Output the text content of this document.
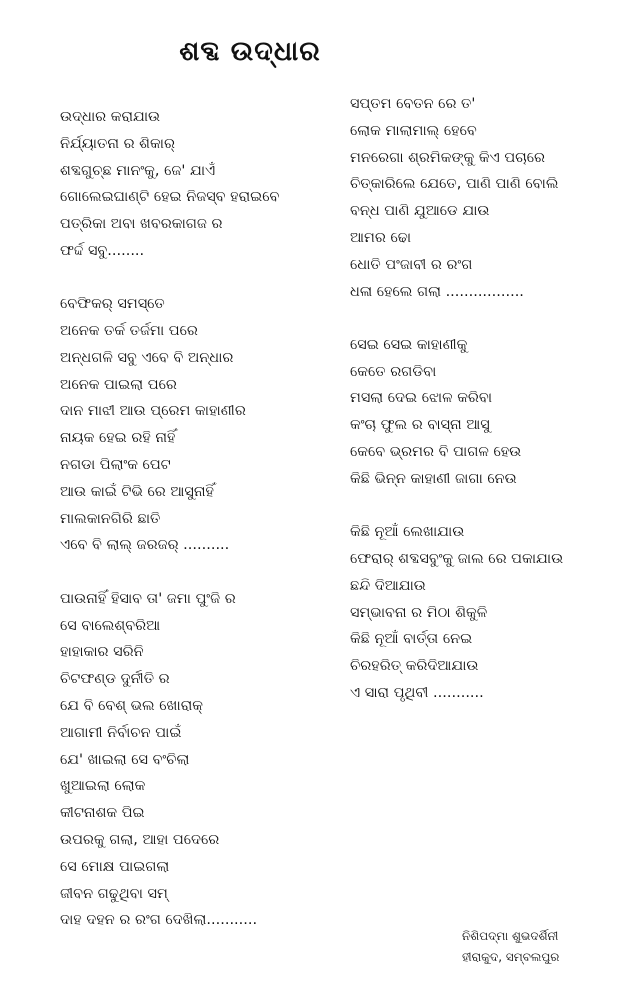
ଶବ୍ଦ ଉଦ୍ଧାର
ଉଦ୍ଧାର କରାଯାଉ
ନିର୍ଯ୍ୟାତନା ର ଶିକାର୍
ଶବ୍ଦଗୁଚ୍ଛ ମାନଂକୁ, ଜେ' ଯାଏଁ
ଗୋଲେଇଘାଣ୍ଟି ହେଇ ନିଜସ୍ବ ହରାଇବେ
ପତ୍ରିକା ଅବା ଖବରକାଗଜ ର
ଫର୍ଦ୍ଦ ସବୁ........
ବେଫିକର୍ ସମସ୍ତେ
ଅନେକ ତର୍କ ତର୍ଜମା ପରେ
ଅନ୍ଧଗଳି ସବୁ ଏବେ ବି ଅନ୍ଧାର
ଅନେକ ପାଇଲା ପରେ
ଦାନ ମାଝୀ ଆଉ ପ୍ରେମ କାହାଣୀର
ନାୟକ ହେଇ ରହି ନାହିଁ
ନଗଡା ପିଲାଂକ ପେଟ
ଆଉ କାଇଁ ଟିଭି ରେ ଆସୁନାହିଁ
ମାଲକାନଗିରି ଛାତି
ଏବେ ବି ଲାଲ୍ ଜରଜର୍ ..........
ପାଉନାହିଁ ହିସାବ ତା' ଜମା ପୁଂଜି ର
ସେ ବାଲେଶ୍ବରିଆ
ହାହାକାର ସରିନି
ଚିଟଫଣ୍ଡ ଦୁର୍ନୀତି ର
ଯେ ବି ବେଶ୍ ଭଲ ଖୋରାକ୍
ଆଗାମୀ ନିର୍ବାଚନ ପାଇଁ
ଯେ' ଖାଇଲା ସେ ବଂଚିଲା
ଖୁଆଇଲା ଲୋକ
କୀଟନାଶକ ପିଇ
ଉପରକୁ ଗଲା, ଆହା ପଦେରେ
ସେ ମୋକ୍ଷ ପାଇଗଲା
ଜୀବନ ଗଢୁଥିବା ସମ୍
ଦାହ ଦହନ ର ରଂଗ ଦେଖିଲା...........
ସପ୍ତମ ବେତନ ରେ ତ'
ଲୋକ ମାଲାମାଲ୍ ହେବେ
ମନରେଗା ଶ୍ରମିକଙ୍କୁ କିଏ ପଚାରେ
ଚିତ୍କାରିଲେ ଯେତେ, ପାଣି ପାଣି ବୋଲି
ବନ୍ଧ ପାଣି ଯୁଆଡେ ଯାଉ
ଆମର ଢୋ
ଧୋତି ପଂଜାବୀ ର ରଂଗ
ଧଳା ହେଲେ ଗଲା .................
ସେଇ ସେଇ କାହାଣୀକୁ
କେତେ ରଗଡିବା
ମସଲା ଦେଇ ଝୋଳ କରିବା
କଂଚା ଫୁଲ ର ବାସ୍ନା ଆସୁ
କେବେ ଭ୍ରମର ବି ପାଗଳ ହେଉ
କିଛି ଭିନ୍ନ କାହାଣୀ ଜାଗା ନେଉ
କିଛି ନୂଆଁ ଲେଖାଯାଉ
ଫେରାର୍ ଶବ୍ଦସବୁଂକୁ ଜାଲ ରେ ପକାଯାଉ
ଛନ୍ଦି ଦିଆଯାଉ
ସମ୍ଭାବନା ର ମିଠା ଶିକୁଳି
କିଛି ନୂଆଁ ବାର୍ତ୍ତା ନେଇ
ଚିରହରିତ୍ କରିଦିଆଯାଉ
ଏ ସାରା ପୃଥିବୀ ...........
ନିଶିପଦ୍ମା ଶୁଭଦର୍ଶିନୀ
ହୀରାକୁଦ, ସମ୍ବଲପୁର
